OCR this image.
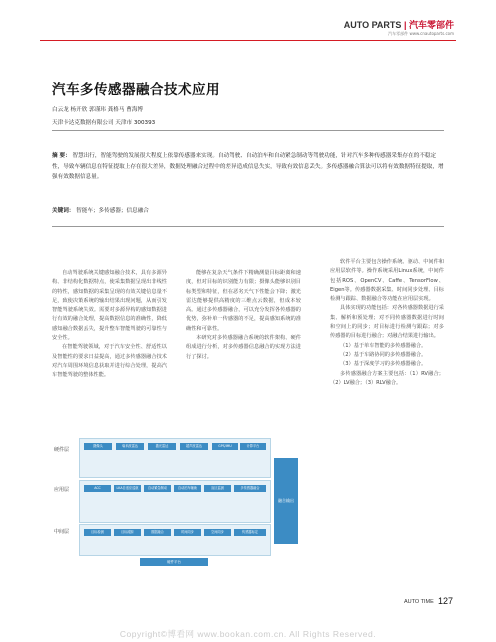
AUTO PARTS | 汽车零部件
汽车零部件 www.cnautoparts.com
汽车多传感器融合技术应用
白云龙 杨开欣 郭谨玮 龚格马 曹海博
天津卡达克数据有限公司 天津市 300393
摘 要： 智慧出行，智能驾驶的发展很大程度上依靠传感器来实现。自动驾驶、自动泊车和自动紧急制动等驾驶功能，针对汽车多种传感器采集存在的不稳定性，导致车辆信息在特征提取上存在很大差异，数据处理融合过程中的差异造成信息失实，导致有效信息丢失。多传感器融合算法可以将有效数据特征提取，增强有效数据信息量。
关键词： 智能车；多传感器；信息融合

自动驾驶系统关键感知融合技术，具有多源异构、非结构化数据特点，使采集数据呈现出非线性的特性，感知数据的采集呈现的有效关键信息量不足，致使决策系统的输出结果出现问题，从而引发智能驾驶系统失效。需要对多源异构的感知数据进行有效的融合处理，提高数据信息的准确性，降低感知融合数据丢失，提升整车智能驾驶的可靠性与安全性。

在智能驾驶领域，对于汽车安全性、舒适性以及智能性的要求日益提高，通过多传感器融合技术对汽车周围环境信息获取并进行综合处理，提高汽车智能驾驶的整体性能。

能够在复杂天气条件下精确测量目标距离和速度，但对目标的识别能力有限；摄像头能够识别目标类型和特征，但在恶劣天气下性能会下降；激光雷达能够提供高精度的三维点云数据，但成本较高。通过多传感器融合，可以充分发挥各传感器的优势，弥补单一传感器的不足，提高感知系统的准确性和可靠性。

本研究对多传感器融合系统的软件架构、硬件组成进行分析，对多传感器信息融合的实现方法进行了探讨。

软件平台主要包含操作系统、驱动、中间件和应用层软件等。操作系统采用Linux系统，中间件包括ROS、OpenCV、Caffe、TensorFlow、Eigen等。传感器数据采集、时间同步处理、目标检测与跟踪、数据融合等功能在应用层实现。

具体实现的功能包括：对各传感器数据进行采集、解析和预处理；对不同传感器数据进行时间和空间上的同步；对目标进行检测与跟踪；对多传感器的目标进行融合；对融合结果进行输出。

（1）基于单车智能的多传感器融合。

（2）基于车路协同的多传感器融合。

（3）基于深度学习的多传感器融合。

多传感器融合方案主要包括：（1）RV融合；（2）LV融合；（3）RLV融合。

应用层	ACC	LKA自适应巡航	自动紧急制动	自动泊车辅助	盲区监测	多传感器融合
中间层
摄像头	毫米波雷达	激光雷达	超声波雷达	GPS/IMU	计算平台
目标检测	目标跟踪	数据融合	时间同步	空间同步	传感器标定
硬件层
融合输出
硬件平台
AUTO TIME 127
Copyright©博看网 www.bookan.com.cn. All Rights Reserved.
